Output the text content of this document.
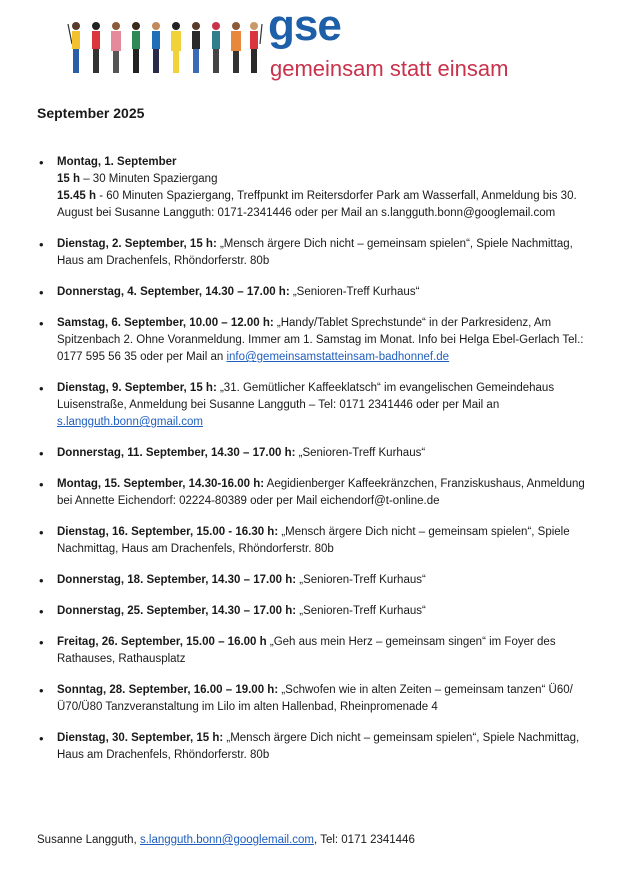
gse
gemeinsam statt einsam
September 2025
• Montag, 1. September
15 h – 30 Minuten Spaziergang
15.45 h - 60 Minuten Spaziergang, Treffpunkt im Reitersdorfer Park am Wasserfall, Anmeldung bis 30. August bei Susanne Langguth: 0171-2341446 oder per Mail an s.langguth.bonn@googlemail.com
• Dienstag, 2. September, 15 h: „Mensch ärgere Dich nicht – gemeinsam spielen“, Spiele Nachmittag, Haus am Drachenfels, Rhöndorferstr. 80b
• Donnerstag, 4. September, 14.30 – 17.00 h: „Senioren-Treff Kurhaus“
• Samstag, 6. September, 10.00 – 12.00 h: „Handy/Tablet Sprechstunde“ in der Parkresidenz, Am Spitzenbach 2. Ohne Voranmeldung. Immer am 1. Samstag im Monat. Info bei Helga Ebel-Gerlach Tel.: 0177 595 56 35 oder per Mail an info@gemeinsamstatteinsam-badhonnef.de
• Dienstag, 9. September, 15 h: „31. Gemütlicher Kaffeeklatsch“ im evangelischen Gemeindehaus Luisenstraße, Anmeldung bei Susanne Langguth – Tel: 0171 2341446 oder per Mail an s.langguth.bonn@gmail.com
• Donnerstag, 11. September, 14.30 – 17.00 h: „Senioren-Treff Kurhaus“
• Montag, 15. September, 14.30-16.00 h: Aegidienberger Kaffeekränzchen, Franziskushaus, Anmeldung bei Annette Eichendorf: 02224-80389 oder per Mail eichendorf@t-online.de
• Dienstag, 16. September, 15.00 - 16.30 h: „Mensch ärgere Dich nicht – gemeinsam spielen“, Spiele Nachmittag, Haus am Drachenfels, Rhöndorferstr. 80b
• Donnerstag, 18. September, 14.30 – 17.00 h: „Senioren-Treff Kurhaus“
• Donnerstag, 25. September, 14.30 – 17.00 h: „Senioren-Treff Kurhaus“
• Freitag, 26. September, 15.00 – 16.00 h „Geh aus mein Herz – gemeinsam singen“ im Foyer des Rathauses, Rathausplatz
• Sonntag, 28. September, 16.00 – 19.00 h: „Schwofen wie in alten Zeiten – gemeinsam tanzen“ Ü60/Ü70/Ü80 Tanzveranstaltung im Lilo im alten Hallenbad, Rheinpromenade 4
• Dienstag, 30. September, 15 h: „Mensch ärgere Dich nicht – gemeinsam spielen“, Spiele Nachmittag, Haus am Drachenfels, Rhöndorferstr. 80b
Susanne Langguth, s.langguth.bonn@googlemail.com, Tel: 0171 2341446
